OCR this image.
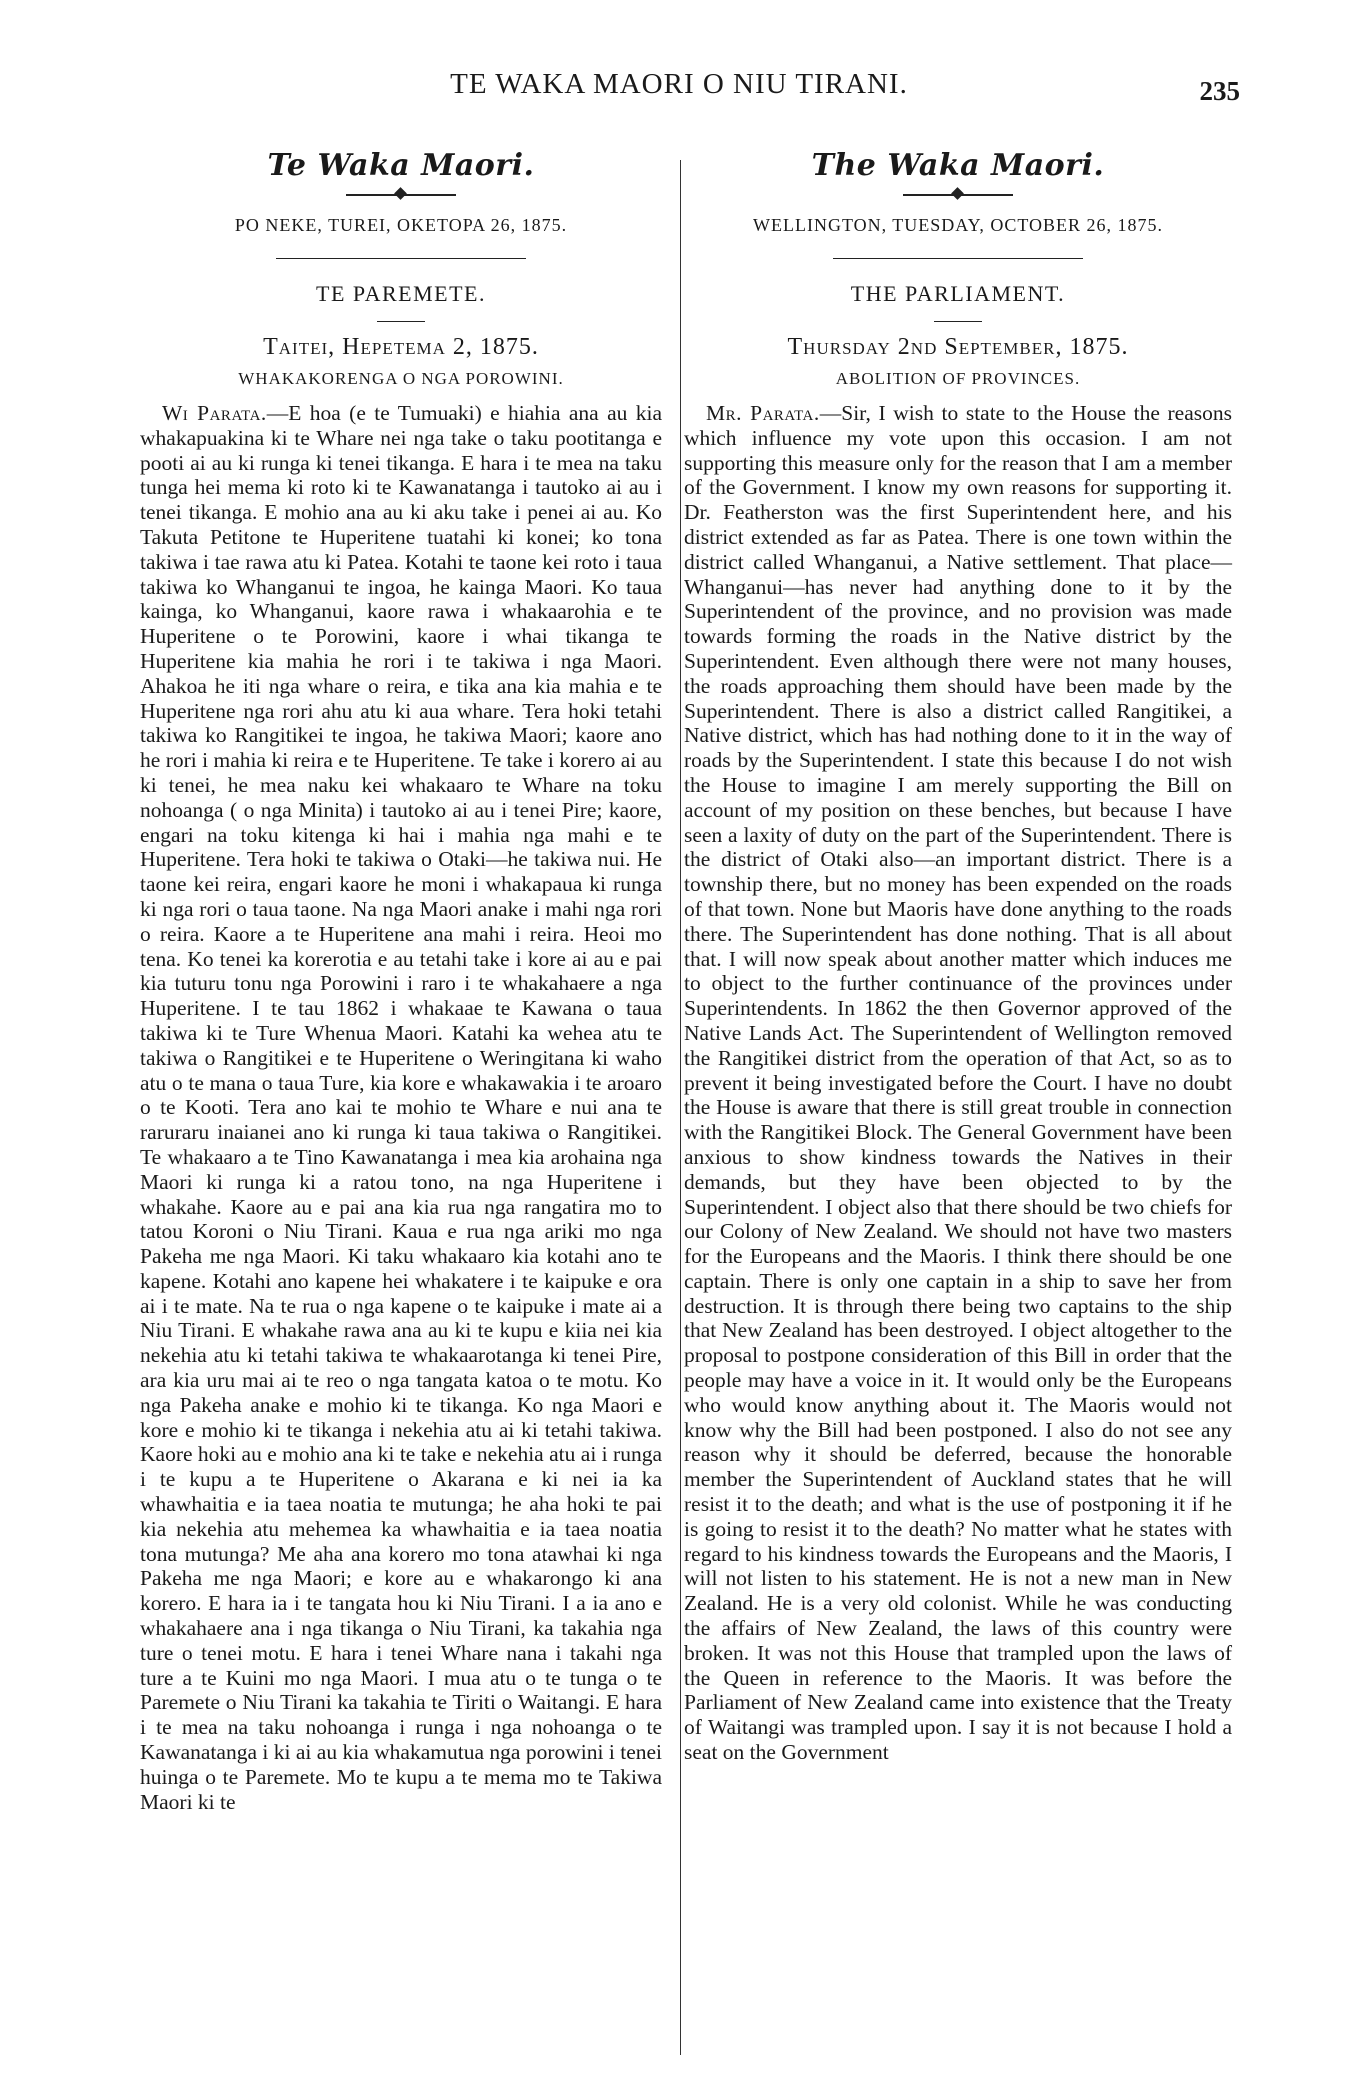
TE WAKA MAORI O NIU TIRANI.	235
Te Waka Maori.
PO NEKE, TUREI, OKETOPA 26, 1875.
TE PAREMETE.
Taitei, Hepetema 2, 1875.
WHAKAKORENGA O NGA POROWINI.

Wi Parata.—E hoa (e te Tumuaki) e hiahia ana au kia whakapuakina ki te Whare nei nga take o taku pootitanga e pooti ai au ki runga ki tenei tikanga. E hara i te mea na taku tunga hei mema ki roto ki te Kawanatanga i tautoko ai au i tenei tikanga. E mohio ana au ki aku take i penei ai au. Ko Takuta Petitone te Huperitene tuatahi ki konei; ko tona takiwa i tae rawa atu ki Patea. Kotahi te taone kei roto i taua takiwa ko Whanganui te ingoa, he kainga Maori. Ko taua kainga, ko Whanganui, kaore rawa i whakaarohia e te Huperitene o te Porowini, kaore i whai tikanga te Huperitene kia mahia he rori i te takiwa i nga Maori. Ahakoa he iti nga whare o reira, e tika ana kia mahia e te Huperitene nga rori ahu atu ki aua whare. Tera hoki tetahi takiwa ko Rangitikei te ingoa, he takiwa Maori; kaore ano he rori i mahia ki reira e te Huperitene. Te take i korero ai au ki tenei, he mea naku kei whakaaro te Whare na toku nohoanga ( o nga Minita) i tautoko ai au i tenei Pire; kaore, engari na toku kitenga ki hai i mahia nga mahi e te Huperitene. Tera hoki te takiwa o Otaki—he takiwa nui. He taone kei reira, engari kaore he moni i whakapaua ki runga ki nga rori o taua taone. Na nga Maori anake i mahi nga rori o reira. Kaore a te Huperitene ana mahi i reira. Heoi mo tena. Ko tenei ka korerotia e au tetahi take i kore ai au e pai kia tuturu tonu nga Porowini i raro i te whakahaere a nga Huperitene. I te tau 1862 i whakaae te Kawana o taua takiwa ki te Ture Whenua Maori. Katahi ka wehea atu te takiwa o Rangitikei e te Huperitene o Weringitana ki waho atu o te mana o taua Ture, kia kore e whakawakia i te aroaro o te Kooti. Tera ano kai te mohio te Whare e nui ana te raruraru inaianei ano ki runga ki taua takiwa o Rangitikei. Te whakaaro a te Tino Kawanatanga i mea kia arohaina nga Maori ki runga ki a ratou tono, na nga Huperitene i whakahe. Kaore au e pai ana kia rua nga rangatira mo to tatou Koroni o Niu Tirani. Kaua e rua nga ariki mo nga Pakeha me nga Maori. Ki taku whakaaro kia kotahi ano te kapene. Kotahi ano kapene hei whakatere i te kaipuke e ora ai i te mate. Na te rua o nga kapene o te kaipuke i mate ai a Niu Tirani. E whakahe rawa ana au ki te kupu e kiia nei kia nekehia atu ki tetahi takiwa te whakaarotanga ki tenei Pire, ara kia uru mai ai te reo o nga tangata katoa o te motu. Ko nga Pakeha anake e mohio ki te tikanga. Ko nga Maori e kore e mohio ki te tikanga i nekehia atu ai ki tetahi takiwa. Kaore hoki au e mohio ana ki te take e nekehia atu ai i runga i te kupu a te Huperitene o Akarana e ki nei ia ka whawhaitia e ia taea noatia te mutunga; he aha hoki te pai kia nekehia atu mehemea ka whawhaitia e ia taea noatia tona mutunga? Me aha ana korero mo tona atawhai ki nga Pakeha me nga Maori; e kore au e whakarongo ki ana korero. E hara ia i te tangata hou ki Niu Tirani. I a ia ano e whakahaere ana i nga tikanga o Niu Tirani, ka takahia nga ture o tenei motu. E hara i tenei Whare nana i takahi nga ture a te Kuini mo nga Maori. I mua atu o te tunga o te Paremete o Niu Tirani ka takahia te Tiriti o Waitangi. E hara i te mea na taku nohoanga i runga i nga nohoanga o te Kawanatanga i ki ai au kia whakamutua nga porowini i tenei huinga o te Paremete. Mo te kupu a te mema mo te Takiwa Maori ki te

The Waka Maori.
WELLINGTON, TUESDAY, OCTOBER 26, 1875.
THE PARLIAMENT.
Thursday 2nd September, 1875.
ABOLITION OF PROVINCES.

Mr. Parata.—Sir, I wish to state to the House the reasons which influence my vote upon this occasion. I am not supporting this measure only for the reason that I am a member of the Government. I know my own reasons for supporting it. Dr. Featherston was the first Superintendent here, and his district extended as far as Patea. There is one town within the district called Whanganui, a Native settlement. That place—Whanganui—has never had anything done to it by the Superintendent of the province, and no provision was made towards forming the roads in the Native district by the Superintendent. Even although there were not many houses, the roads approaching them should have been made by the Superintendent. There is also a district called Rangitikei, a Native district, which has had nothing done to it in the way of roads by the Superintendent. I state this because I do not wish the House to imagine I am merely supporting the Bill on account of my position on these benches, but because I have seen a laxity of duty on the part of the Superintendent. There is the district of Otaki also—an important district. There is a township there, but no money has been expended on the roads of that town. None but Maoris have done anything to the roads there. The Superintendent has done nothing. That is all about that. I will now speak about another matter which induces me to object to the further continuance of the provinces under Superintendents. In 1862 the then Governor approved of the Native Lands Act. The Superintendent of Wellington removed the Rangitikei district from the operation of that Act, so as to prevent it being investigated before the Court. I have no doubt the House is aware that there is still great trouble in connection with the Rangitikei Block. The General Government have been anxious to show kindness towards the Natives in their demands, but they have been objected to by the Superintendent. I object also that there should be two chiefs for our Colony of New Zealand. We should not have two masters for the Europeans and the Maoris. I think there should be one captain. There is only one captain in a ship to save her from destruction. It is through there being two captains to the ship that New Zealand has been destroyed. I object altogether to the proposal to postpone consideration of this Bill in order that the people may have a voice in it. It would only be the Europeans who would know anything about it. The Maoris would not know why the Bill had been postponed. I also do not see any reason why it should be deferred, because the honorable member the Superintendent of Auckland states that he will resist it to the death; and what is the use of postponing it if he is going to resist it to the death? No matter what he states with regard to his kindness towards the Europeans and the Maoris, I will not listen to his statement. He is not a new man in New Zealand. He is a very old colonist. While he was conducting the affairs of New Zealand, the laws of this country were broken. It was not this House that trampled upon the laws of the Queen in reference to the Maoris. It was before the Parliament of New Zealand came into existence that the Treaty of Waitangi was trampled upon. I say it is not because I hold a seat on the Government
